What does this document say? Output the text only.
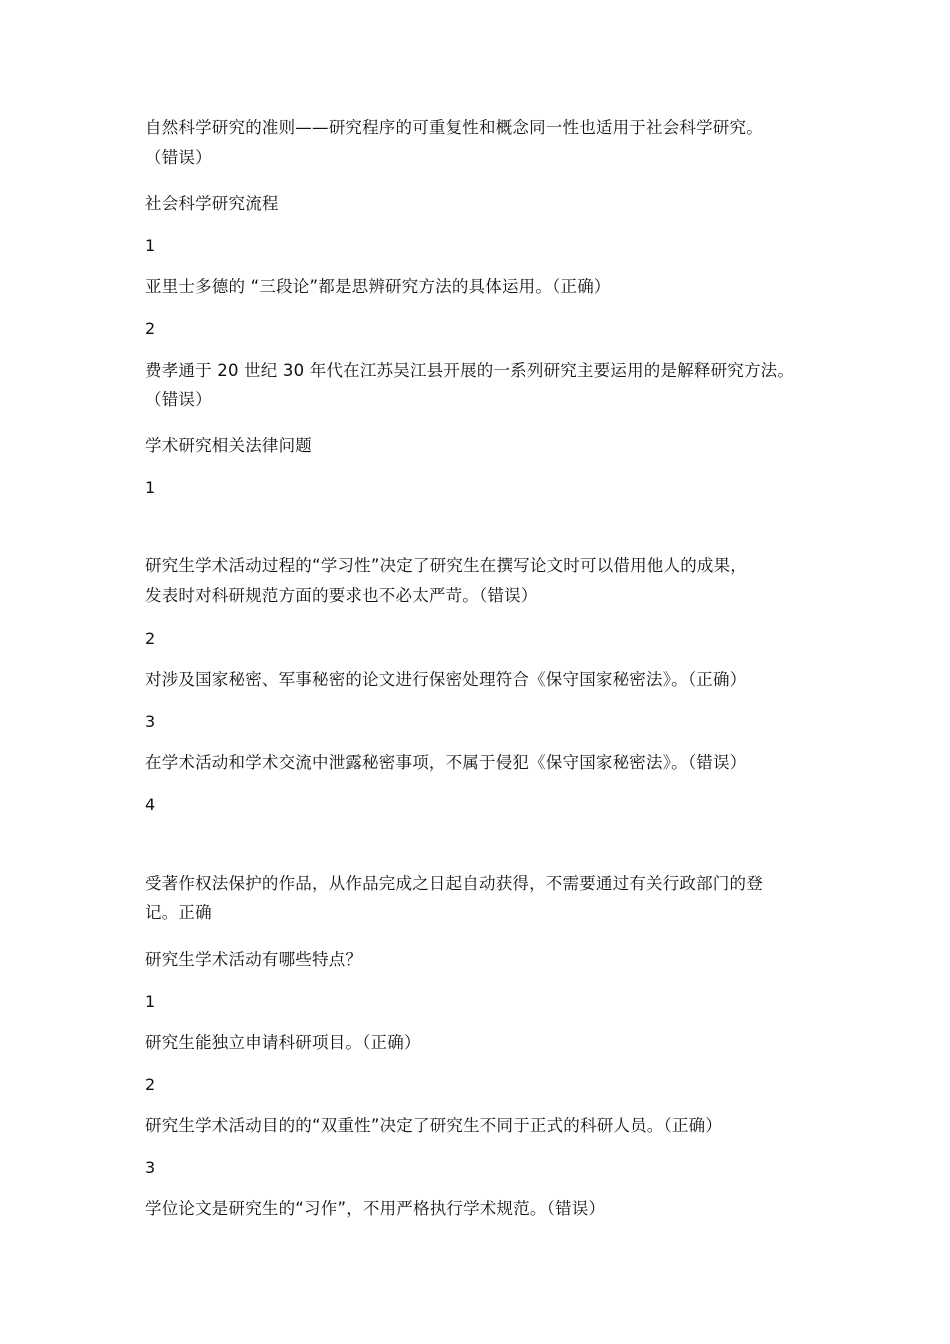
自然科学研究的准则——研究程序的可重复性和概念同一性也适用于社会科学研究。
（错误）
社会科学研究流程
1
亚里士多德的 “三段论”都是思辨研究方法的具体运用。（正确）
2
费孝通于 20 世纪 30 年代在江苏吴江县开展的一系列研究主要运用的是解释研究方法。
（错误）
学术研究相关法律问题
1
研究生学术活动过程的“学习性”决定了研究生在撰写论文时可以借用他人的成果，
发表时对科研规范方面的要求也不必太严苛。（错误）
2
对涉及国家秘密、军事秘密的论文进行保密处理符合《保守国家秘密法》。（正确）
3
在学术活动和学术交流中泄露秘密事项，不属于侵犯《保守国家秘密法》。（错误）
4
受著作权法保护的作品，从作品完成之日起自动获得，不需要通过有关行政部门的登
记。正确
研究生学术活动有哪些特点？
1
研究生能独立申请科研项目。（正确）
2
研究生学术活动目的的“双重性”决定了研究生不同于正式的科研人员。（正确）
3
学位论文是研究生的“习作”，不用严格执行学术规范。（错误）
